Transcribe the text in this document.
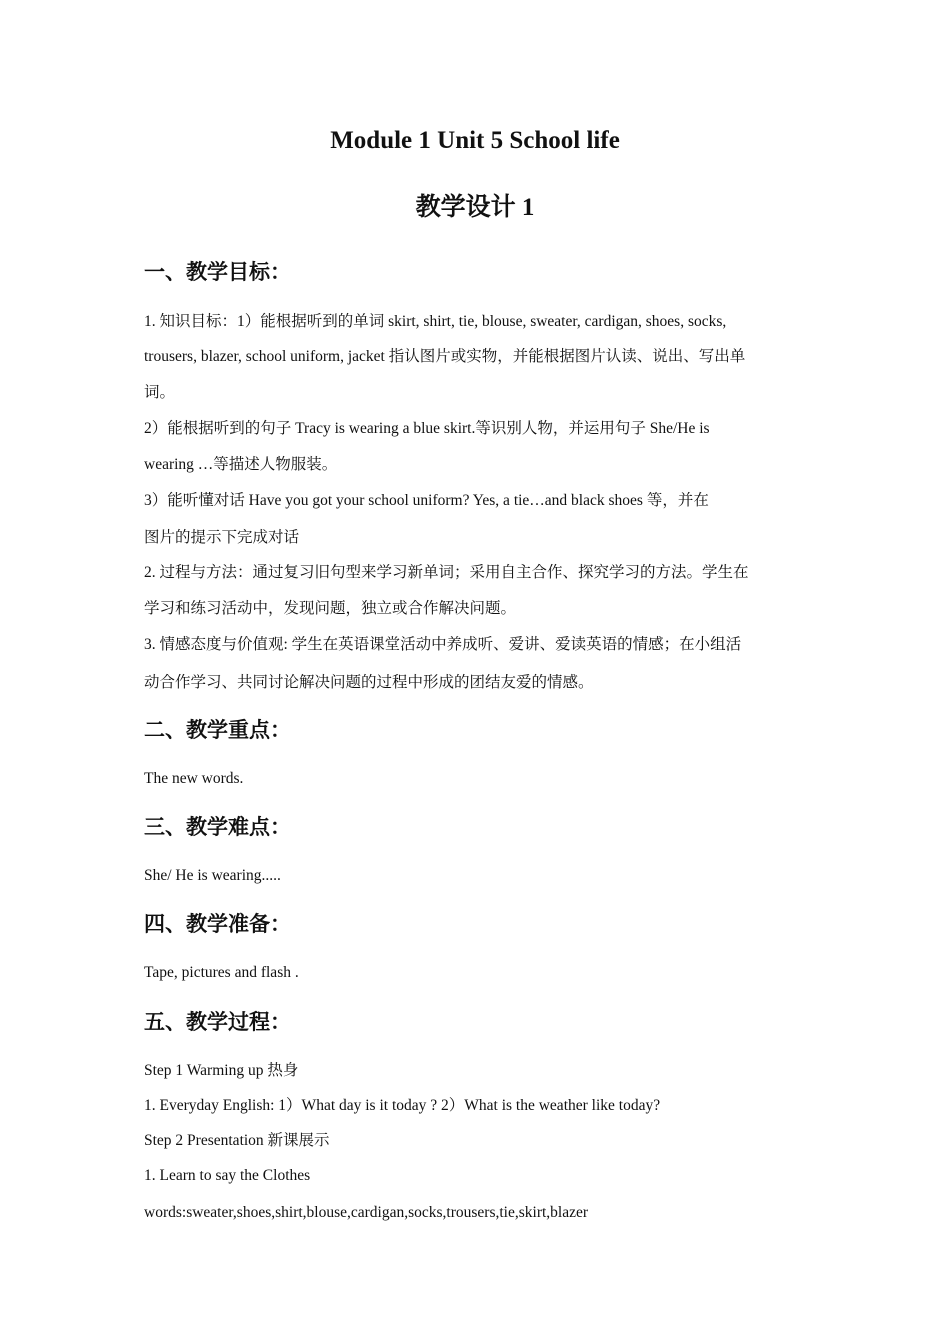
Module 1 Unit 5 School life
教学设计 1
一、教学目标：
1. 知识目标：1）能根据听到的单词 skirt, shirt, tie, blouse, sweater, cardigan, shoes, socks,
trousers, blazer, school uniform, jacket 指认图片或实物，并能根据图片认读、说出、写出单
词。
2）能根据听到的句子 Tracy is wearing a blue skirt.等识别人物，并运用句子 She/He is
wearing …等描述人物服装。
3）能听懂对话 Have you got your school uniform? Yes, a tie…and black shoes 等，并在
图片的提示下完成对话
2. 过程与方法：通过复习旧句型来学习新单词；采用自主合作、探究学习的方法。学生在
学习和练习活动中，发现问题，独立或合作解决问题。
3. 情感态度与价值观: 学生在英语课堂活动中养成听、爱讲、爱读英语的情感；在小组活
动合作学习、共同讨论解决问题的过程中形成的团结友爱的情感。
二、教学重点：
The new words.
三、教学难点：
She/ He is wearing.....
四、教学准备：
Tape, pictures and flash .
五、教学过程：
Step 1 Warming up 热身
1. Everyday English: 1）What day is it today ? 2）What is the weather like today?
Step 2 Presentation 新课展示
1. Learn to say the Clothes
words:sweater,shoes,shirt,blouse,cardigan,socks,trousers,tie,skirt,blazer
